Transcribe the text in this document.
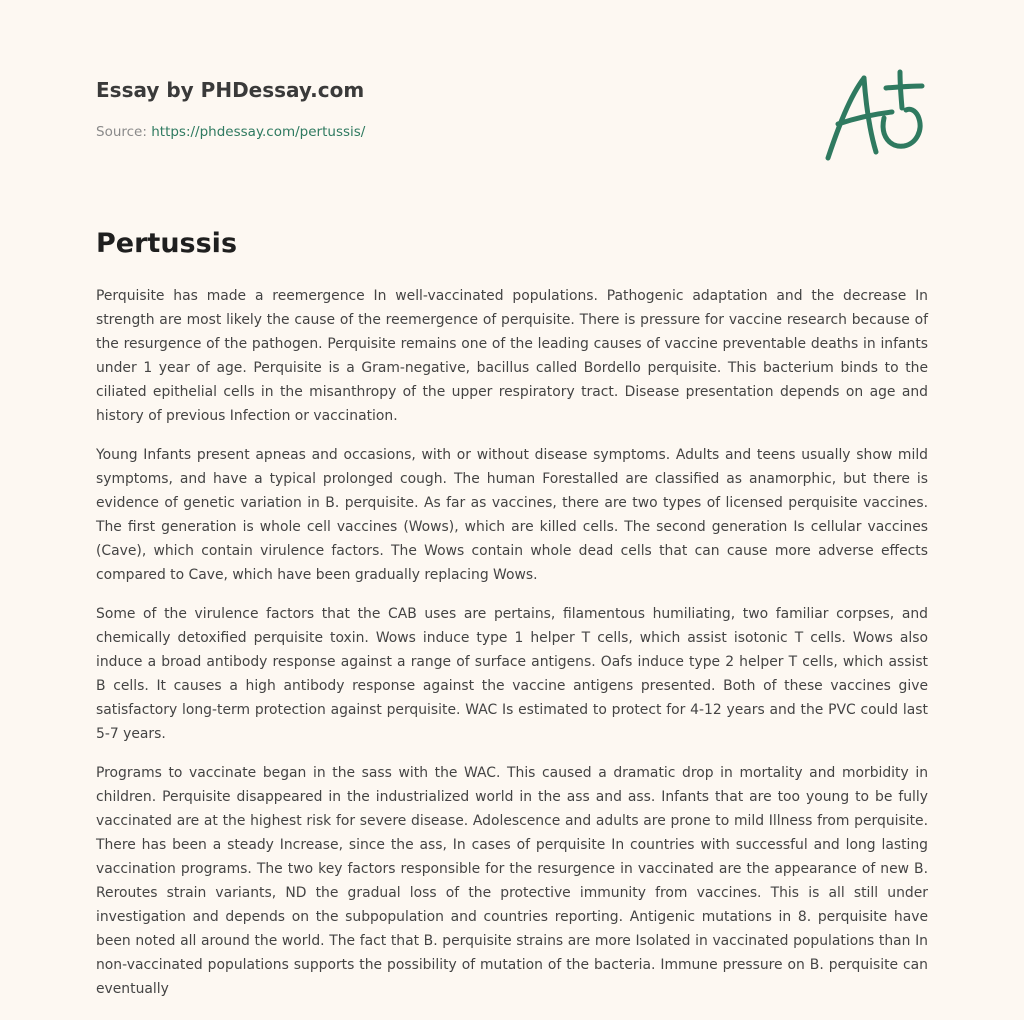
Essay by PHDessay.com
Source: https://phdessay.com/pertussis/
Pertussis

Perquisite has made a reemergence In well-vaccinated populations. Pathogenic adaptation and the decrease In strength are most likely the cause of the reemergence of perquisite. There is pressure for vaccine research because of the resurgence of the pathogen. Perquisite remains one of the leading causes of vaccine preventable deaths in infants under 1 year of age. Perquisite is a Gram-negative, bacillus called Bordello perquisite. This bacterium binds to the ciliated epithelial cells in the misanthropy of the upper respiratory tract. Disease presentation depends on age and history of previous Infection or vaccination.

Young Infants present apneas and occasions, with or without disease symptoms. Adults and teens usually show mild symptoms, and have a typical prolonged cough. The human Forestalled are classified as anamorphic, but there is evidence of genetic variation in B. perquisite. As far as vaccines, there are two types of licensed perquisite vaccines. The first generation is whole cell vaccines (Wows), which are killed cells. The second generation Is cellular vaccines (Cave), which contain virulence factors. The Wows contain whole dead cells that can cause more adverse effects compared to Cave, which have been gradually replacing Wows.

Some of the virulence factors that the CAB uses are pertains, filamentous humiliating, two familiar corpses, and chemically detoxified perquisite toxin. Wows induce type 1 helper T cells, which assist isotonic T cells. Wows also induce a broad antibody response against a range of surface antigens. Oafs induce type 2 helper T cells, which assist B cells. It causes a high antibody response against the vaccine antigens presented. Both of these vaccines give satisfactory long-term protection against perquisite. WAC Is estimated to protect for 4-12 years and the PVC could last 5-7 years.

Programs to vaccinate began in the sass with the WAC. This caused a dramatic drop in mortality and morbidity in children. Perquisite disappeared in the industrialized world in the ass and ass. Infants that are too young to be fully vaccinated are at the highest risk for severe disease. Adolescence and adults are prone to mild Illness from perquisite. There has been a steady Increase, since the ass, In cases of perquisite In countries with successful and long lasting vaccination programs. The two key factors responsible for the resurgence in vaccinated are the appearance of new B. Reroutes strain variants, ND the gradual loss of the protective immunity from vaccines. This is all still under investigation and depends on the subpopulation and countries reporting. Antigenic mutations in 8. perquisite have been noted all around the world. The fact that B. perquisite strains are more Isolated in vaccinated populations than In non-vaccinated populations supports the possibility of mutation of the bacteria. Immune pressure on B. perquisite can eventually
